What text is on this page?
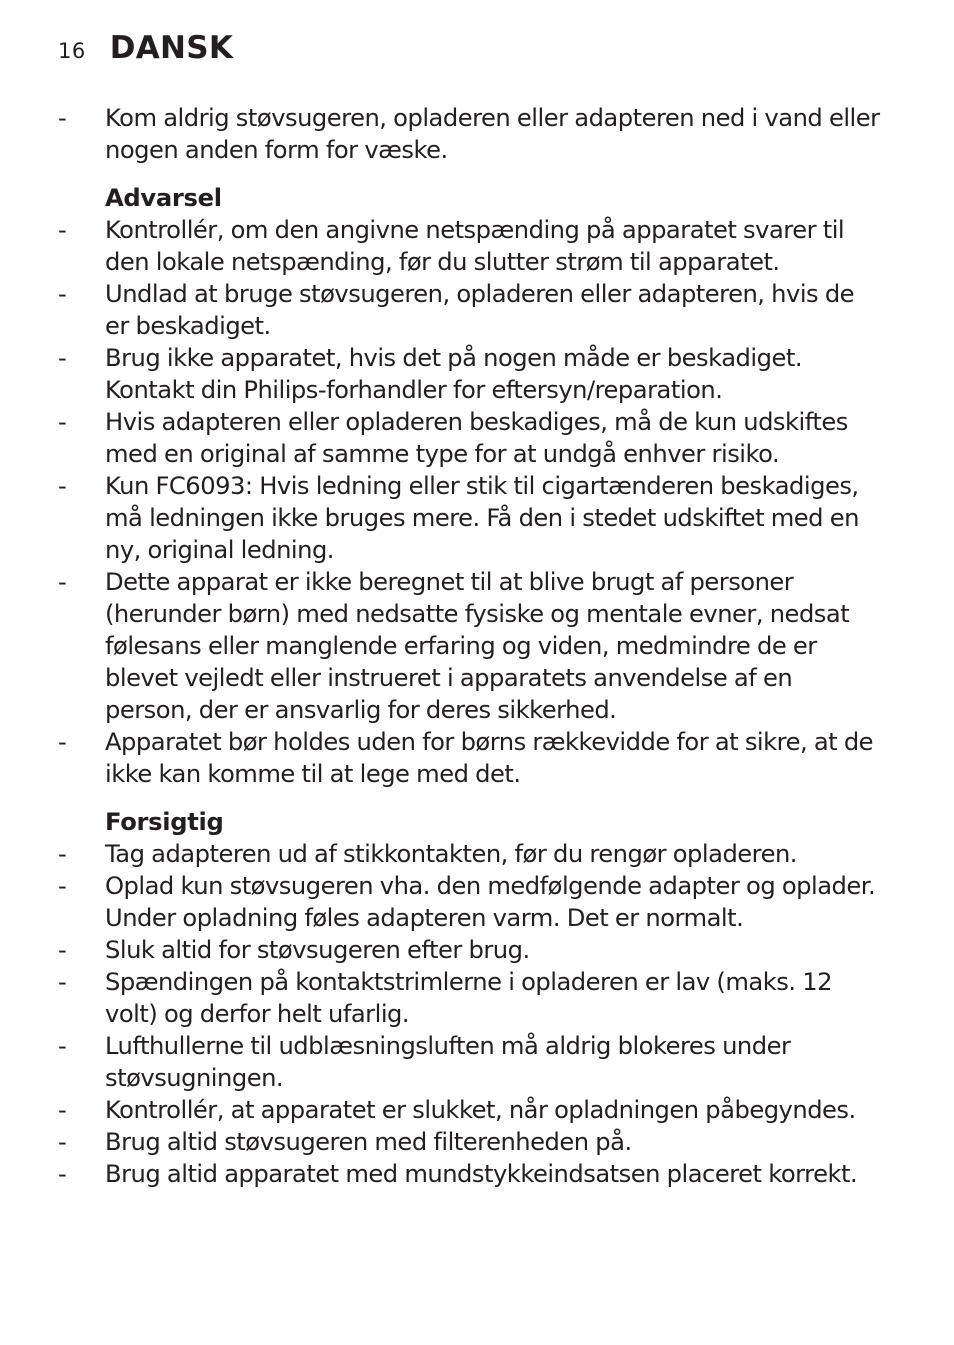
16 DANSK
- Kom aldrig støvsugeren, opladeren eller adapteren ned i vand eller nogen anden form for væske.
Advarsel
- Kontrollér, om den angivne netspænding på apparatet svarer til den lokale netspænding, før du slutter strøm til apparatet.
- Undlad at bruge støvsugeren, opladeren eller adapteren, hvis de er beskadiget.
- Brug ikke apparatet, hvis det på nogen måde er beskadiget. Kontakt din Philips-forhandler for eftersyn/reparation.
- Hvis adapteren eller opladeren beskadiges, må de kun udskiftes med en original af samme type for at undgå enhver risiko.
- Kun FC6093: Hvis ledning eller stik til cigartænderen beskadiges, må ledningen ikke bruges mere. Få den i stedet udskiftet med en ny, original ledning.
- Dette apparat er ikke beregnet til at blive brugt af personer (herunder børn) med nedsatte fysiske og mentale evner, nedsat følesans eller manglende erfaring og viden, medmindre de er blevet vejledt eller instrueret i apparatets anvendelse af en person, der er ansvarlig for deres sikkerhed.
- Apparatet bør holdes uden for børns rækkevidde for at sikre, at de ikke kan komme til at lege med det.
Forsigtig
- Tag adapteren ud af stikkontakten, før du rengør opladeren.
- Oplad kun støvsugeren vha. den medfølgende adapter og oplader. Under opladning føles adapteren varm. Det er normalt.
- Sluk altid for støvsugeren efter brug.
- Spændingen på kontaktstrimlerne i opladeren er lav (maks. 12 volt) og derfor helt ufarlig.
- Lufthullerne til udblæsningsluften må aldrig blokeres under støvsugningen.
- Kontrollér, at apparatet er slukket, når opladningen påbegyndes.
- Brug altid støvsugeren med filterenheden på.
- Brug altid apparatet med mundstykkeindsatsen placeret korrekt.
